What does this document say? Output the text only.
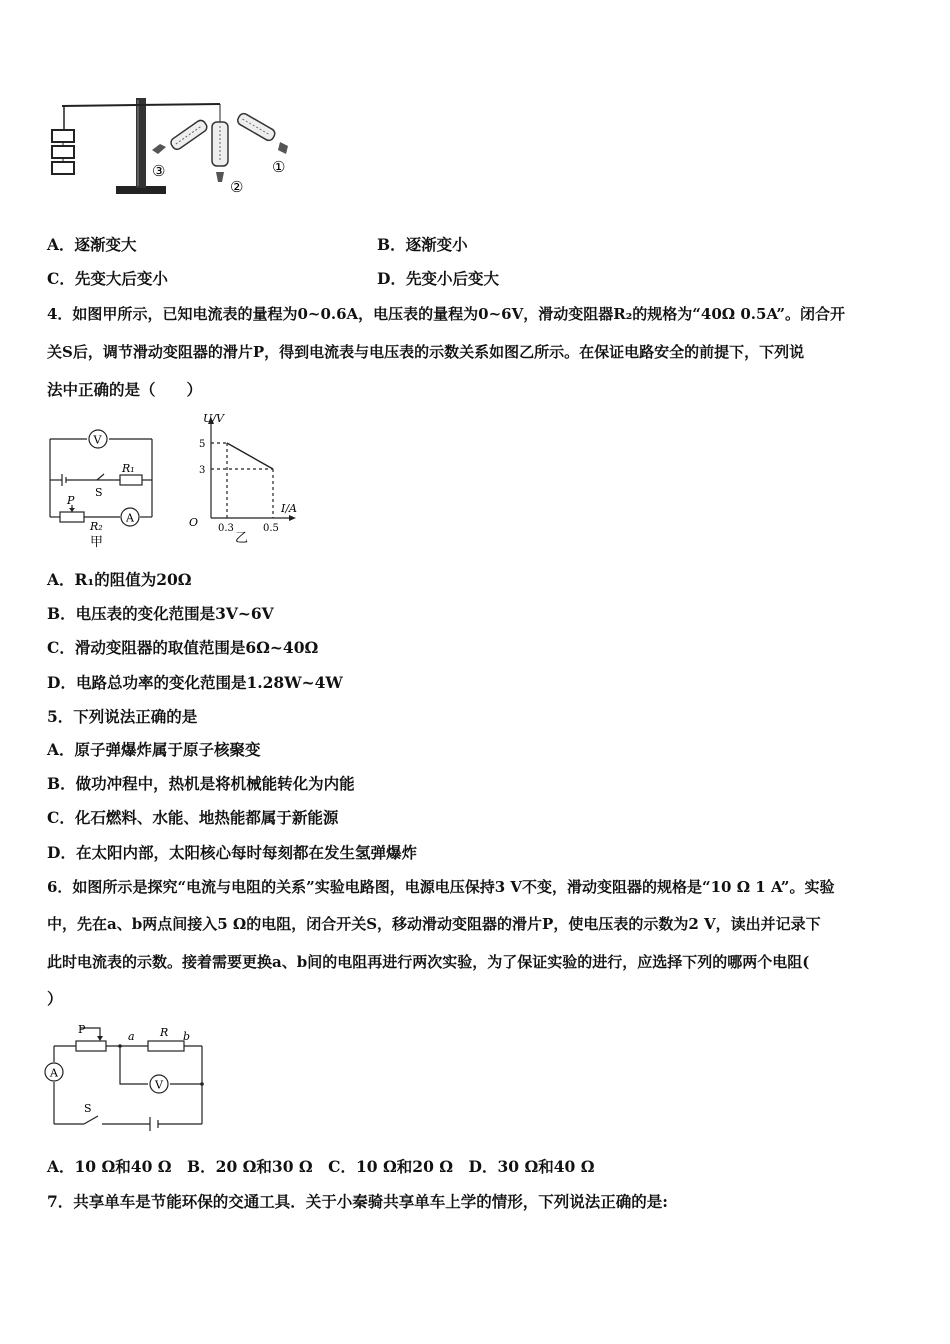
③
②
①
A．逐渐变大	B．逐渐变小
C．先变大后变小	D．先变小后变大
4．如图甲所示，已知电流表的量程为0~0.6A，电压表的量程为0~6V，滑动变阻器R₂的规格为“40Ω 0.5A”。闭合开
关S后，调节滑动变阻器的滑片P，得到电流表与电压表的示数关系如图乙所示。在保证电路安全的前提下，下列说
法中正确的是（　　）
V
R₁
S
P
R₂
A
甲
U/V
I/A
O
5
3
0.3	0.5
乙
A．R₁的阻值为20Ω
B．电压表的变化范围是3V~6V
C．滑动变阻器的取值范围是6Ω~40Ω
D．电路总功率的变化范围是1.28W~4W
5．下列说法正确的是
A．原子弹爆炸属于原子核聚变
B．做功冲程中，热机是将机械能转化为内能
C．化石燃料、水能、地热能都属于新能源
D．在太阳内部，太阳核心每时每刻都在发生氢弹爆炸
6．如图所示是探究“电流与电阻的关系”实验电路图，电源电压保持3 V不变，滑动变阻器的规格是“10 Ω 1 A”。实验
中，先在a、b两点间接入5 Ω的电阻，闭合开关S，移动滑动变阻器的滑片P，使电压表的示数为2 V，读出并记录下
此时电流表的示数。接着需要更换a、b间的电阻再进行两次实验，为了保证实验的进行，应选择下列的哪两个电阻(
）
P
a R b
A
V
S
A．10 Ω和40 Ω　B．20 Ω和30 Ω　C．10 Ω和20 Ω　D．30 Ω和40 Ω
7．共享单车是节能环保的交通工具．关于小秦骑共享单车上学的情形，下列说法正确的是:
